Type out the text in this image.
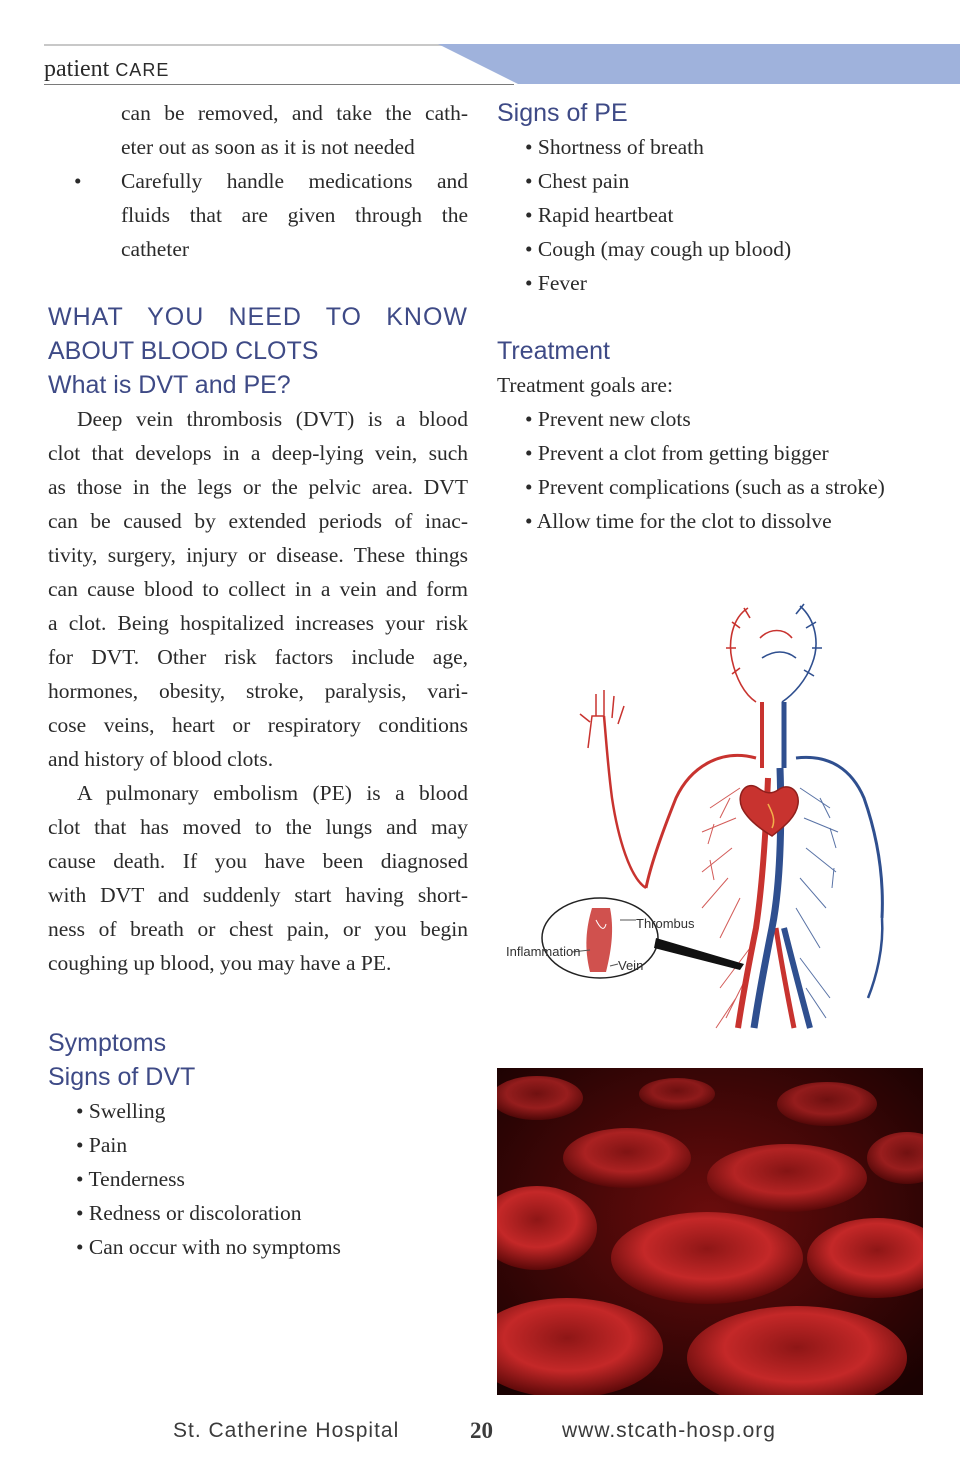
patient CARE
can be removed, and take the cath-
eter out as soon as it is not needed
• Carefully handle medications and
fluids that are given through the
catheter
WHAT YOU NEED TO KNOW
ABOUT BLOOD CLOTS
What is DVT and PE?
Deep vein thrombosis (DVT) is a blood
clot that develops in a deep-lying vein, such
as those in the legs or the pelvic area. DVT
can be caused by extended periods of inac-
tivity, surgery, injury or disease. These things
can cause blood to collect in a vein and form
a clot. Being hospitalized increases your risk
for DVT. Other risk factors include age,
hormones, obesity, stroke, paralysis, vari-
cose veins, heart or respiratory conditions
and history of blood clots.
A pulmonary embolism (PE) is a blood
clot that has moved to the lungs and may
cause death. If you have been diagnosed
with DVT and suddenly start having short-
ness of breath or chest pain, or you begin
coughing up blood, you may have a PE.
Symptoms
Signs of DVT
• Swelling
• Pain
• Tenderness
• Redness or discoloration
• Can occur with no symptoms
Signs of PE
• Shortness of breath
• Chest pain
• Rapid heartbeat
• Cough (may cough up blood)
• Fever
Treatment
Treatment goals are:
• Prevent new clots
• Prevent a clot from getting bigger
• Prevent complications (such as a stroke)
• Allow time for the clot to dissolve
Thrombus
Inflammation
Vein
St. Catherine Hospital	20	www.stcath-hosp.org
